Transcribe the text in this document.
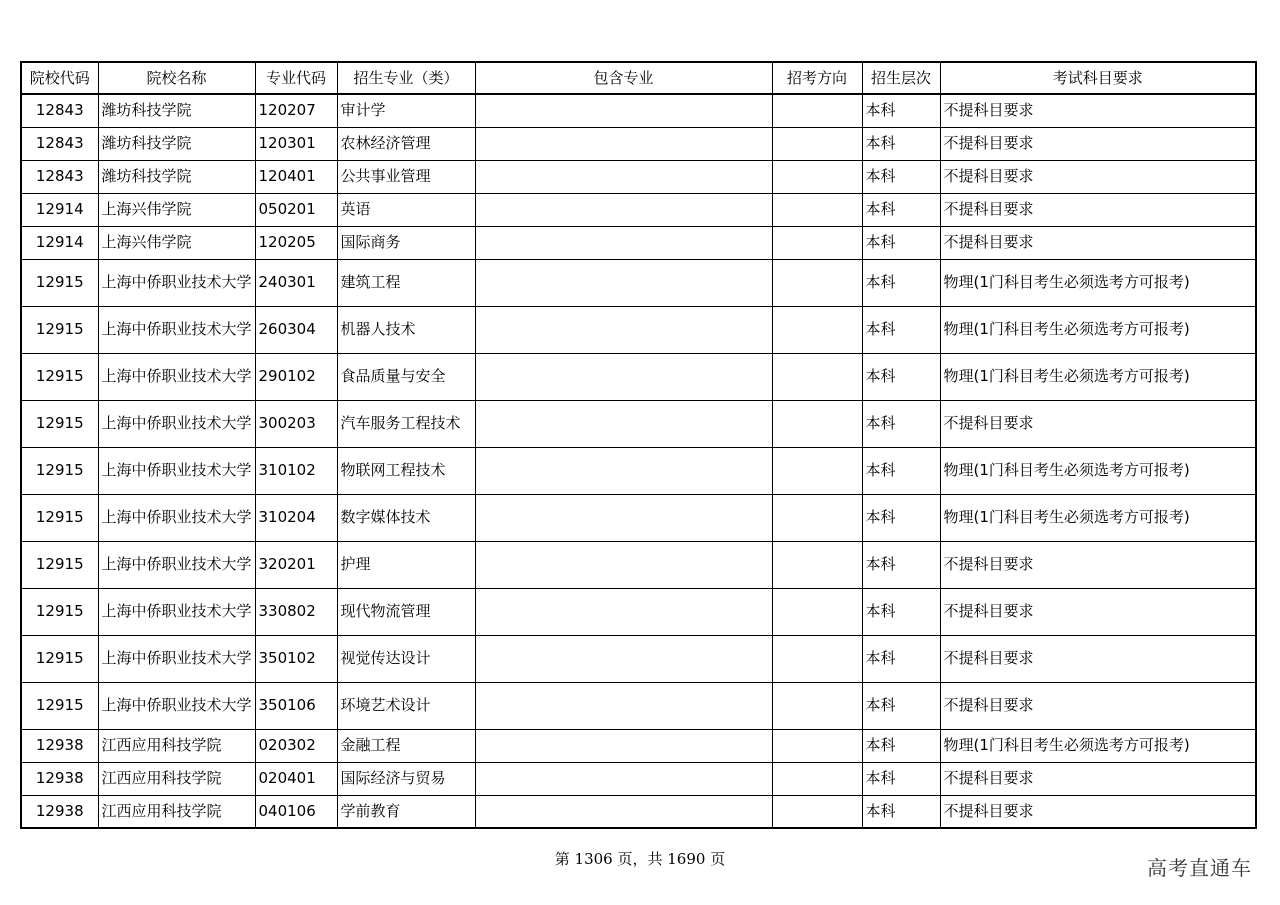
院校代码	院校名称	专业代码	招生专业（类）	包含专业	招考方向	招生层次	考试科目要求
12843	潍坊科技学院	120207	审计学			本科	不提科目要求
12843	潍坊科技学院	120301	农林经济管理			本科	不提科目要求
12843	潍坊科技学院	120401	公共事业管理			本科	不提科目要求
12914	上海兴伟学院	050201	英语			本科	不提科目要求
12914	上海兴伟学院	120205	国际商务			本科	不提科目要求
12915	上海中侨职业技术大学	240301	建筑工程			本科	物理(1门科目考生必须选考方可报考)
12915	上海中侨职业技术大学	260304	机器人技术			本科	物理(1门科目考生必须选考方可报考)
12915	上海中侨职业技术大学	290102	食品质量与安全			本科	物理(1门科目考生必须选考方可报考)
12915	上海中侨职业技术大学	300203	汽车服务工程技术			本科	不提科目要求
12915	上海中侨职业技术大学	310102	物联网工程技术			本科	物理(1门科目考生必须选考方可报考)
12915	上海中侨职业技术大学	310204	数字媒体技术			本科	物理(1门科目考生必须选考方可报考)
12915	上海中侨职业技术大学	320201	护理			本科	不提科目要求
12915	上海中侨职业技术大学	330802	现代物流管理			本科	不提科目要求
12915	上海中侨职业技术大学	350102	视觉传达设计			本科	不提科目要求
12915	上海中侨职业技术大学	350106	环境艺术设计			本科	不提科目要求
12938	江西应用科技学院	020302	金融工程			本科	物理(1门科目考生必须选考方可报考)
12938	江西应用科技学院	020401	国际经济与贸易			本科	不提科目要求
12938	江西应用科技学院	040106	学前教育			本科	不提科目要求
第 1306 页，共 1690 页	高考直通车
